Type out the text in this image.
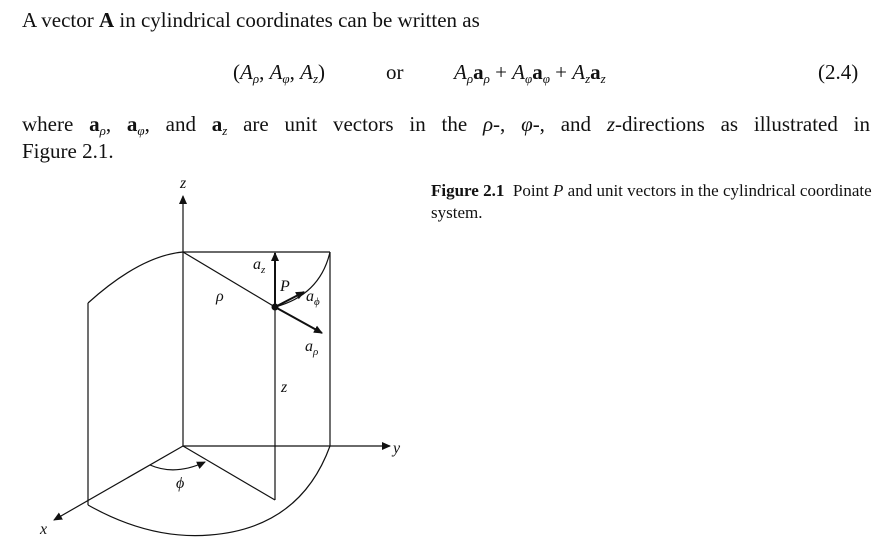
A vector A in cylindrical coordinates can be written as
($A_\rho$, $A_\varphi$, $A_z$)	or $A_\rho a_\rho + A_\varphi a_\varphi + A_za_z$	(2.4)
where $a_\rho$, $a_\varphi$, and $a_z$ are unit vectors in the ρ-, φ-, and z-directions as illustrated in
Figure 2.1.
Figure 2.1  Point P and unit vectors in the cylindrical coordinate system.
z
y
x
ρ
ϕ
z
P
$a_z$
$a_\phi$
$a_\rho$
